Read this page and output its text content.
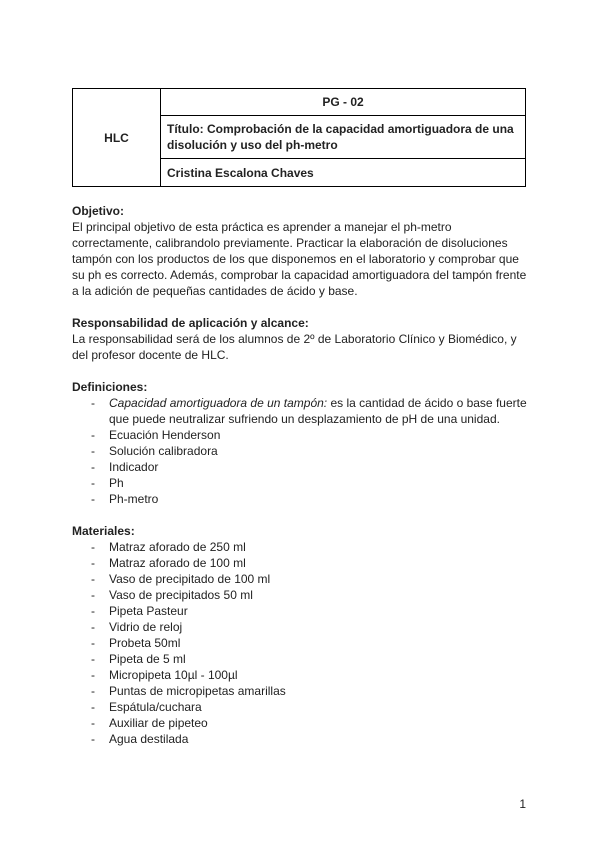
HLC	PG - 02
Título: Comprobación de la capacidad amortiguadora de una disolución y uso del ph-metro
Cristina Escalona Chaves
Objetivo:

El principal objetivo de esta práctica es aprender a manejar el ph-metro correctamente, calibrandolo previamente. Practicar la elaboración de disoluciones tampón con los productos de los que disponemos en el laboratorio y comprobar que su ph es correcto. Además, comprobar la capacidad amortiguadora del tampón frente a la adición de pequeñas cantidades de ácido y base.

Responsabilidad de aplicación y alcance:

La responsabilidad será de los alumnos de 2º de Laboratorio Clínico y Biomédico, y del profesor docente de HLC.

Definiciones:
- Capacidad amortiguadora de un tampón: es la cantidad de ácido o base fuerte que puede neutralizar sufriendo un desplazamiento de pH de una unidad.
- Ecuación Henderson
- Solución calibradora
- Indicador
- Ph
- Ph-metro
Materiales:
- Matraz aforado de 250 ml
- Matraz aforado de 100 ml
- Vaso de precipitado de 100 ml
- Vaso de precipitados 50 ml
- Pipeta Pasteur
- Vidrio de reloj
- Probeta 50ml
- Pipeta de 5 ml
- Micropipeta 10µl - 100µl
- Puntas de micropipetas amarillas
- Espátula/cuchara
- Auxiliar de pipeteo
- Agua destilada
1
